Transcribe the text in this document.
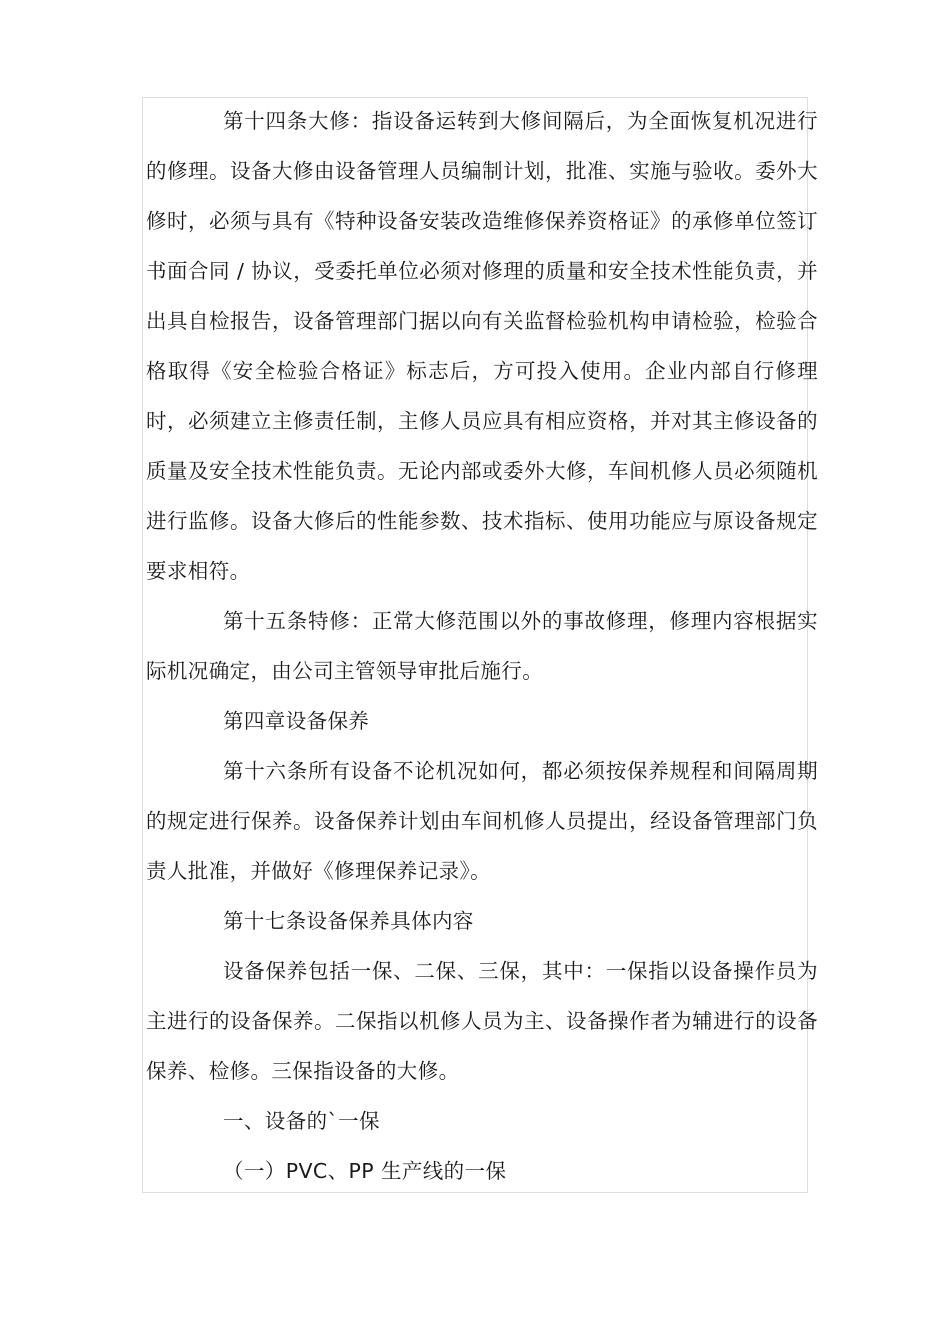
第十四条大修：指设备运转到大修间隔后，为全面恢复机况进行的修理。设备大修由设备管理人员编制计划，批准、实施与验收。委外大修时，必须与具有《特种设备安装改造维修保养资格证》的承修单位签订书面合同 / 协议，受委托单位必须对修理的质量和安全技术性能负责，并出具自检报告，设备管理部门据以向有关监督检验机构申请检验，检验合格取得《安全检验合格证》标志后，方可投入使用。企业内部自行修理时，必须建立主修责任制，主修人员应具有相应资格，并对其主修设备的质量及安全技术性能负责。无论内部或委外大修，车间机修人员必须随机进行监修。设备大修后的性能参数、技术指标、使用功能应与原设备规定要求相符。

第十五条特修：正常大修范围以外的事故修理，修理内容根据实际机况确定，由公司主管领导审批后施行。

第四章设备保养

第十六条所有设备不论机况如何，都必须按保养规程和间隔周期的规定进行保养。设备保养计划由车间机修人员提出，经设备管理部门负责人批准，并做好《修理保养记录》。

第十七条设备保养具体内容

设备保养包括一保、二保、三保，其中：一保指以设备操作员为主进行的设备保养。二保指以机修人员为主、设备操作者为辅进行的设备保养、检修。三保指设备的大修。

一、设备的`一保

（一）PVC、PP 生产线的一保
